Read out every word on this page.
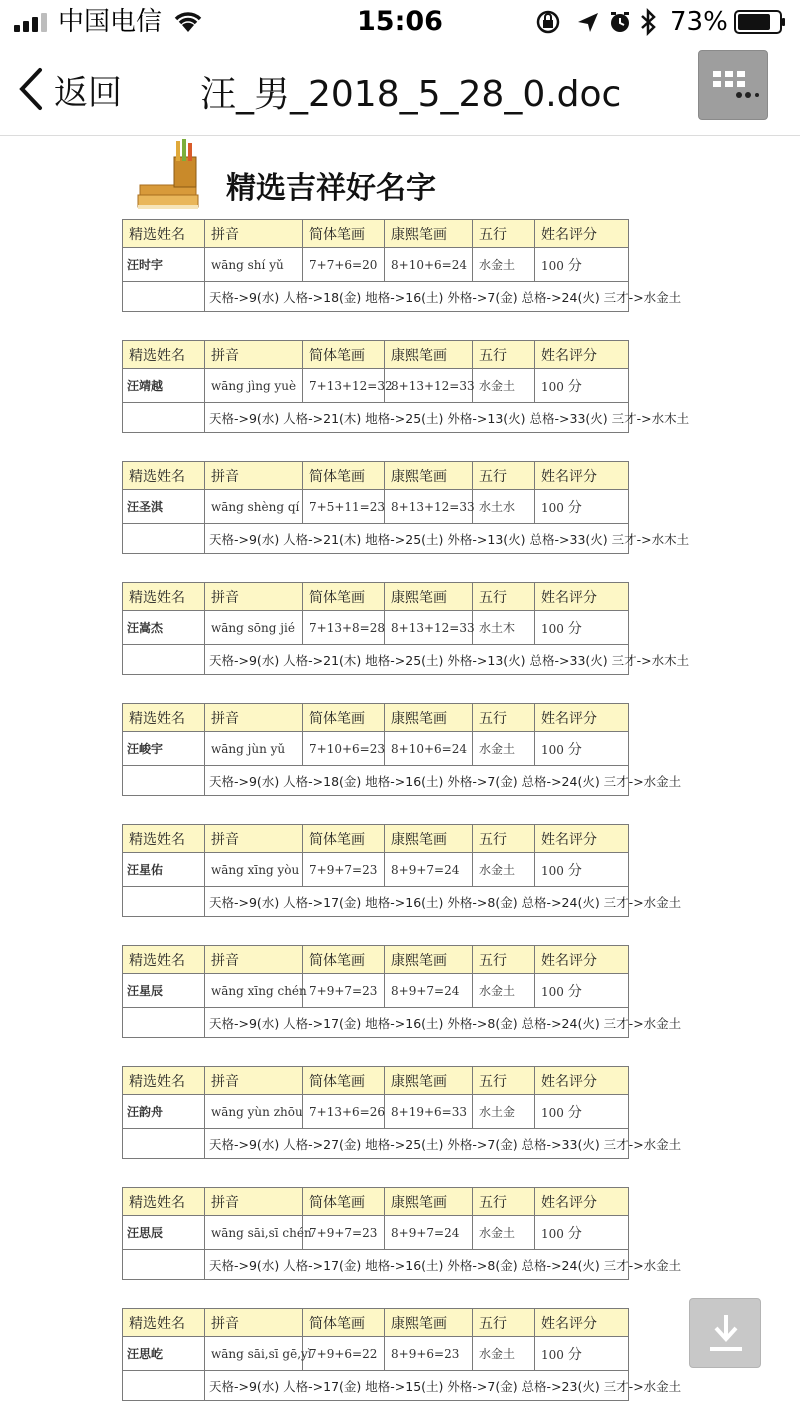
中国电信	15:06	73%
返回 汪_男_2018_5_28_0.doc
精选吉祥好名字
精选姓名	拼音	简体笔画	康熙笔画	五行	姓名评分
汪时宇	wāng shí yǔ	7+7+6=20	8+10+6=24	水金土	100 分
	天格->9(水) 人格->18(金) 地格->16(土) 外格->7(金) 总格->24(火) 三才->水金土				
精选姓名	拼音	简体笔画	康熙笔画	五行	姓名评分
汪靖越	wāng jìng yuè	7+13+12=32	8+13+12=33	水金土	100 分
	天格->9(水) 人格->21(木) 地格->25(土) 外格->13(火) 总格->33(火) 三才->水木土				
精选姓名	拼音	简体笔画	康熙笔画	五行	姓名评分
汪圣淇	wāng shèng qí	7+5+11=23	8+13+12=33	水土水	100 分
	天格->9(水) 人格->21(木) 地格->25(土) 外格->13(火) 总格->33(火) 三才->水木土				
精选姓名	拼音	简体笔画	康熙笔画	五行	姓名评分
汪嵩杰	wāng sōng jié	7+13+8=28	8+13+12=33	水土木	100 分
	天格->9(水) 人格->21(木) 地格->25(土) 外格->13(火) 总格->33(火) 三才->水木土				
精选姓名	拼音	简体笔画	康熙笔画	五行	姓名评分
汪峻宇	wāng jùn yǔ	7+10+6=23	8+10+6=24	水金土	100 分
	天格->9(水) 人格->18(金) 地格->16(土) 外格->7(金) 总格->24(火) 三才->水金土				
精选姓名	拼音	简体笔画	康熙笔画	五行	姓名评分
汪星佑	wāng xīng yòu	7+9+7=23	8+9+7=24	水金土	100 分
	天格->9(水) 人格->17(金) 地格->16(土) 外格->8(金) 总格->24(火) 三才->水金土				
精选姓名	拼音	简体笔画	康熙笔画	五行	姓名评分
汪星辰	wāng xīng chén	7+9+7=23	8+9+7=24	水金土	100 分
	天格->9(水) 人格->17(金) 地格->16(土) 外格->8(金) 总格->24(火) 三才->水金土				
精选姓名	拼音	简体笔画	康熙笔画	五行	姓名评分
汪韵舟	wāng yùn zhōu	7+13+6=26	8+19+6=33	水土金	100 分
	天格->9(水) 人格->27(金) 地格->25(土) 外格->7(金) 总格->33(火) 三才->水金土				
精选姓名	拼音	简体笔画	康熙笔画	五行	姓名评分
汪思辰	wāng sāi,sī chén	7+9+7=23	8+9+7=24	水金土	100 分
	天格->9(水) 人格->17(金) 地格->16(土) 外格->8(金) 总格->24(火) 三才->水金土				
精选姓名	拼音	简体笔画	康熙笔画	五行	姓名评分
汪思屹	wāng sāi,sī gē,yì	7+9+6=22	8+9+6=23	水金土	100 分
	天格->9(水) 人格->17(金) 地格->15(土) 外格->7(金) 总格->23(火) 三才->水金土				
